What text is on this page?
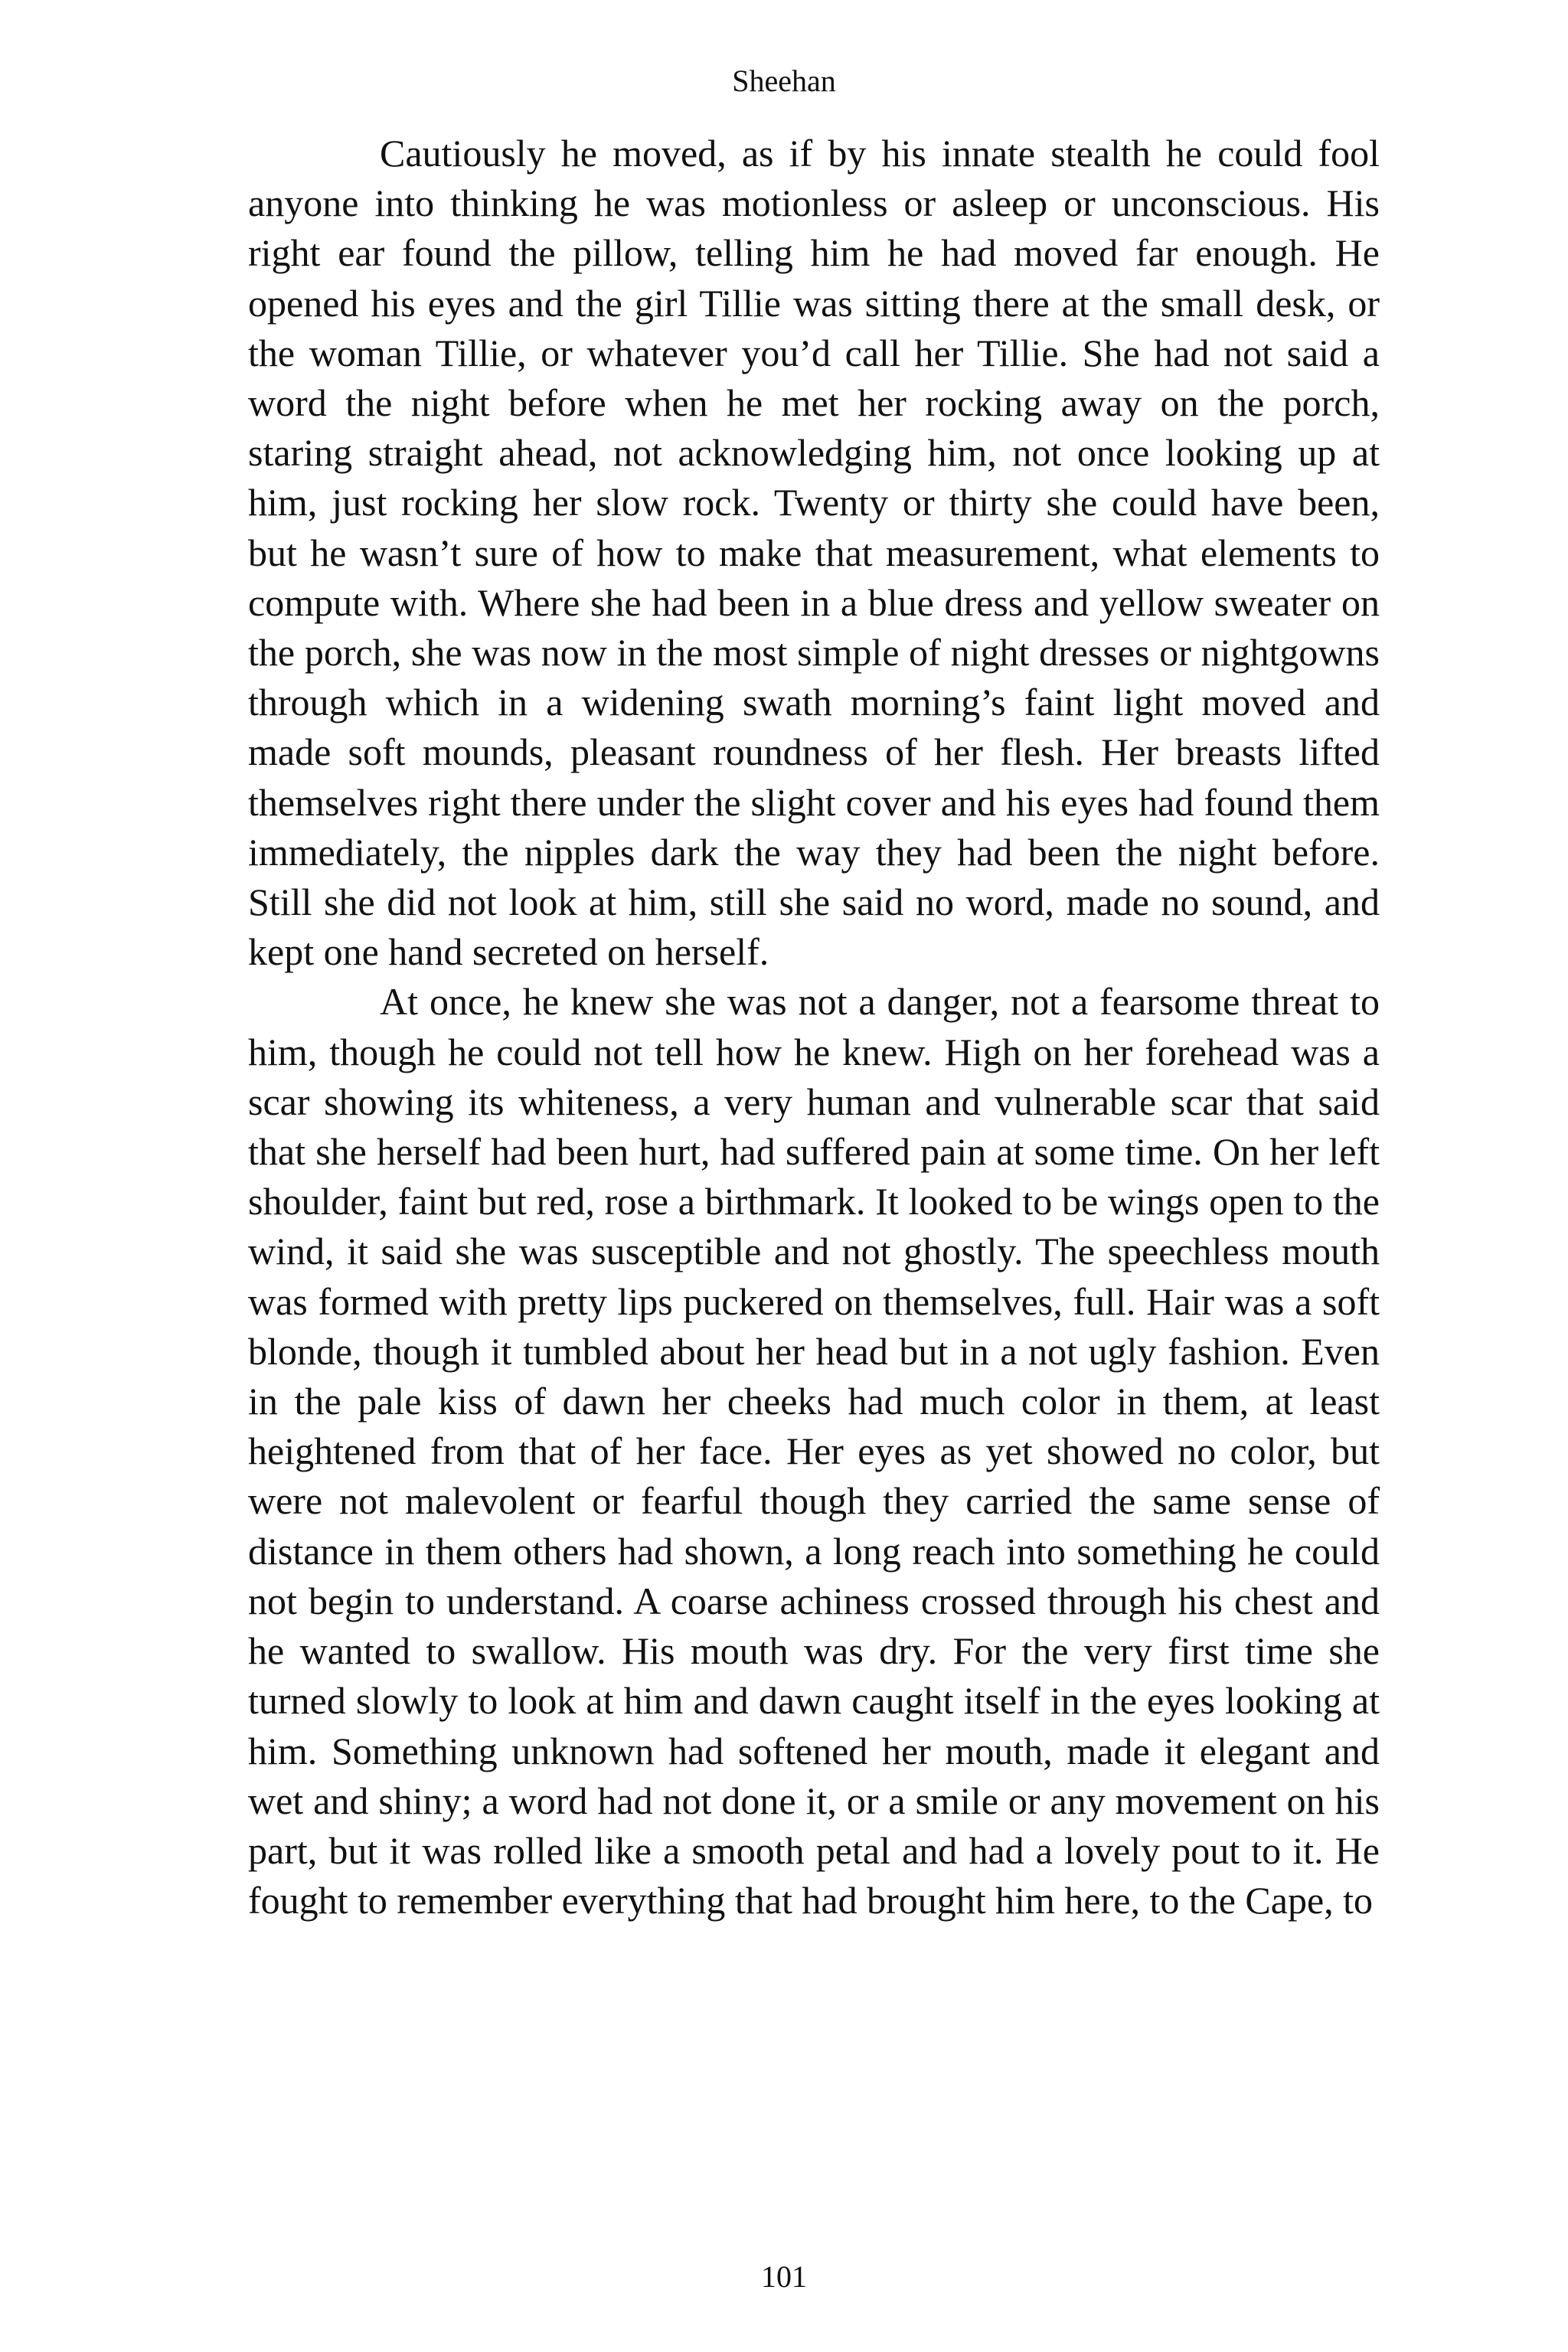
Sheehan

Cautiously he moved, as if by his innate stealth he could fool anyone into thinking he was motionless or asleep or unconscious. His right ear found the pillow, telling him he had moved far enough. He opened his eyes and the girl Tillie was sitting there at the small desk, or the woman Tillie, or whatever you’d call her Tillie. She had not said a word the night before when he met her rocking away on the porch, staring straight ahead, not acknowledging him, not once looking up at him, just rocking her slow rock. Twenty or thirty she could have been, but he wasn’t sure of how to make that measurement, what elements to compute with. Where she had been in a blue dress and yellow sweater on the porch, she was now in the most simple of night dresses or nightgowns through which in a widening swath morning’s faint light moved and made soft mounds, pleasant roundness of her flesh. Her breasts lifted themselves right there under the slight cover and his eyes had found them immediately, the nipples dark the way they had been the night before. Still she did not look at him, still she said no word, made no sound, and kept one hand secreted on herself.

At once, he knew she was not a danger, not a fearsome threat to him, though he could not tell how he knew. High on her forehead was a scar showing its whiteness, a very human and vulnerable scar that said that she herself had been hurt, had suffered pain at some time. On her left shoulder, faint but red, rose a birthmark. It looked to be wings open to the wind, it said she was susceptible and not ghostly. The speechless mouth was formed with pretty lips puckered on themselves, full. Hair was a soft blonde, though it tumbled about her head but in a not ugly fashion. Even in the pale kiss of dawn her cheeks had much color in them, at least heightened from that of her face. Her eyes as yet showed no color, but were not malevolent or fearful though they carried the same sense of distance in them others had shown, a long reach into something he could not begin to understand. A coarse achiness crossed through his chest and he wanted to swallow. His mouth was dry. For the very first time she turned slowly to look at him and dawn caught itself in the eyes looking at him. Something unknown had softened her mouth, made it elegant and wet and shiny; a word had not done it, or a smile or any movement on his part, but it was rolled like a smooth petal and had a lovely pout to it. He fought to remember everything that had brought him here, to the Cape, to

101
